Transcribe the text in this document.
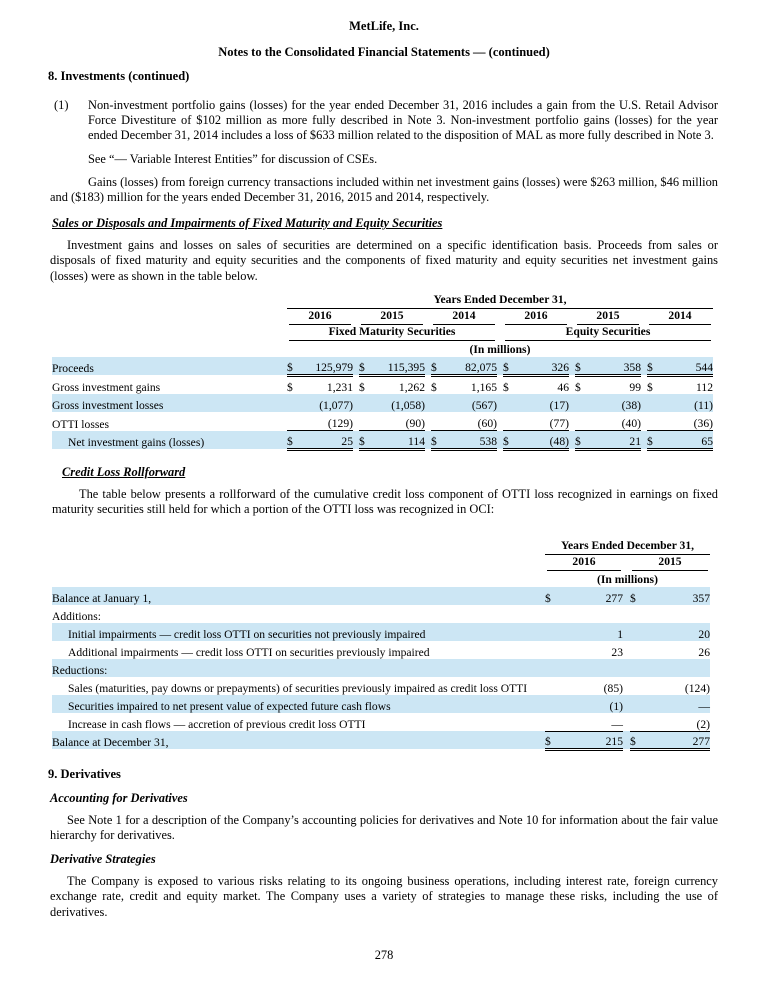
MetLife, Inc.
Notes to the Consolidated Financial Statements — (continued)
8. Investments (continued)
(1)	Non-investment portfolio gains (losses) for the year ended December 31, 2016 includes a gain from the U.S. Retail Advisor Force Divestiture of $102 million as more fully described in Note 3. Non-investment portfolio gains (losses) for the year ended December 31, 2014 includes a loss of $633 million related to the disposition of MAL as more fully described in Note 3.

See “— Variable Interest Entities” for discussion of CSEs.

Gains (losses) from foreign currency transactions included within net investment gains (losses) were $263 million, $46 million and ($183) million for the years ended December 31, 2016, 2015 and 2014, respectively.

Sales or Disposals and Impairments of Fixed Maturity and Equity Securities

Investment gains and losses on sales of securities are determined on a specific identification basis. Proceeds from sales or disposals of fixed maturity and equity securities and the components of fixed maturity and equity securities net investment gains (losses) were as shown in the table below.

	Years Ended December 31,																

	2016			2015			2014			2016			2015			2014	

	Fixed Maturity Securities									Equity Securities							

	(In millions)																
Proceeds	$	125,979		$	115,395		$	82,075		$	326		$	358		$	544
Gross investment gains	$	1,231		$	1,262		$	1,165		$	46		$	99		$	112
Gross investment losses		(1,077)			(1,058)			(567)			(17)			(38)			(11)
OTTI losses		(129)			(90)			(60)			(77)			(40)			(36)
Net investment gains (losses)	$	25		$	114		$	538		$	(48)		$	21		$	65
Credit Loss Rollforward

The table below presents a rollforward of the cumulative credit loss component of OTTI loss recognized in earnings on fixed maturity securities still held for which a portion of the OTTI loss was recognized in OCI:

	Years Ended December 31,				

	2016			2015	

	(In millions)				
Balance at January 1,	$	277		$	357
Additions:					
Initial impairments — credit loss OTTI on securities not previously impaired		1			20
Additional impairments — credit loss OTTI on securities previously impaired		23			26
Reductions:					
Sales (maturities, pay downs or prepayments) of securities previously impaired as credit loss OTTI		(85)			(124)
Securities impaired to net present value of expected future cash flows		(1)			—
Increase in cash flows — accretion of previous credit loss OTTI		—			(2)
Balance at December 31,	$	215		$	277
9. Derivatives
Accounting for Derivatives

See Note 1 for a description of the Company’s accounting policies for derivatives and Note 10 for information about the fair value hierarchy for derivatives.

Derivative Strategies

The Company is exposed to various risks relating to its ongoing business operations, including interest rate, foreign currency exchange rate, credit and equity market. The Company uses a variety of strategies to manage these risks, including the use of derivatives.

278
